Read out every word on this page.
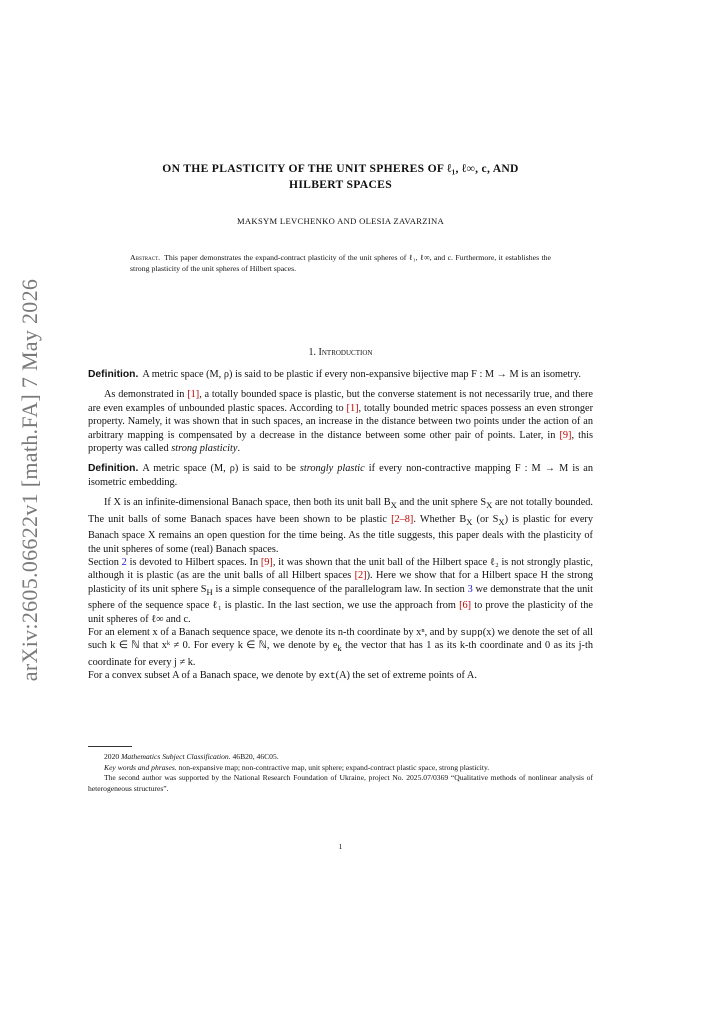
arXiv:2605.06622v1 [math.FA] 7 May 2026
ON THE PLASTICITY OF THE UNIT SPHERES OF ℓ₁, ℓ∞, c, AND
HILBERT SPACES
MAKSYM LEVCHENKO AND OLESIA ZAVARZINA
Abstract. This paper demonstrates the expand-contract plasticity of the unit spheres of ℓ₁, ℓ∞, and c. Furthermore, it establishes the strong plasticity of the unit spheres of Hilbert spaces.
1. Introduction

Definition. A metric space (M, ρ) is said to be plastic if every non-expansive bijective map F : M → M is an isometry.

As demonstrated in [1], a totally bounded space is plastic, but the converse statement is not necessarily true, and there are even examples of unbounded plastic spaces. According to [1], totally bounded metric spaces possess an even stronger property. Namely, it was shown that in such spaces, an increase in the distance between two points under the action of an arbitrary mapping is compensated by a decrease in the distance between some other pair of points. Later, in [9], this property was called strong plasticity.

Definition. A metric space (M, ρ) is said to be strongly plastic if every non-contractive mapping F : M → M is an isometric embedding.

If X is an infinite-dimensional Banach space, then both its unit ball $B_X$ and the unit sphere $S_X$ are not totally bounded. The unit balls of some Banach spaces have been shown to be plastic [2–8]. Whether $B_X$ (or $S_X$) is plastic for every Banach space X remains an open question for the time being. As the title suggests, this paper deals with the plasticity of the unit spheres of some (real) Banach spaces.

Section 2 is devoted to Hilbert spaces. In [9], it was shown that the unit ball of the Hilbert space ℓ₂ is not strongly plastic, although it is plastic (as are the unit balls of all Hilbert spaces [2]). Here we show that for a Hilbert space H the strong plasticity of its unit sphere $S_H$ is a simple consequence of the parallelogram law. In section 3 we demonstrate that the unit sphere of the sequence space ℓ₁ is plastic. In the last section, we use the approach from [6] to prove the plasticity of the unit spheres of ℓ∞ and c.

For an element x of a Banach sequence space, we denote its n-th coordinate by xⁿ, and by supp(x) we denote the set of all such k ∈ ℕ that xᵏ ≠ 0. For every k ∈ ℕ, we denote by $e_k$ the vector that has 1 as its k-th coordinate and 0 as its j-th coordinate for every j ≠ k.

For a convex subset A of a Banach space, we denote by ext(A) the set of extreme points of A.

2020 Mathematics Subject Classification. 46B20, 46C05.

Key words and phrases. non-expansive map; non-contractive map, unit sphere; expand-contract plastic space, strong plasticity.

The second author was supported by the National Research Foundation of Ukraine, project No. 2025.07/0369 “Qualitative methods of nonlinear analysis of heterogeneous structures”.

1
